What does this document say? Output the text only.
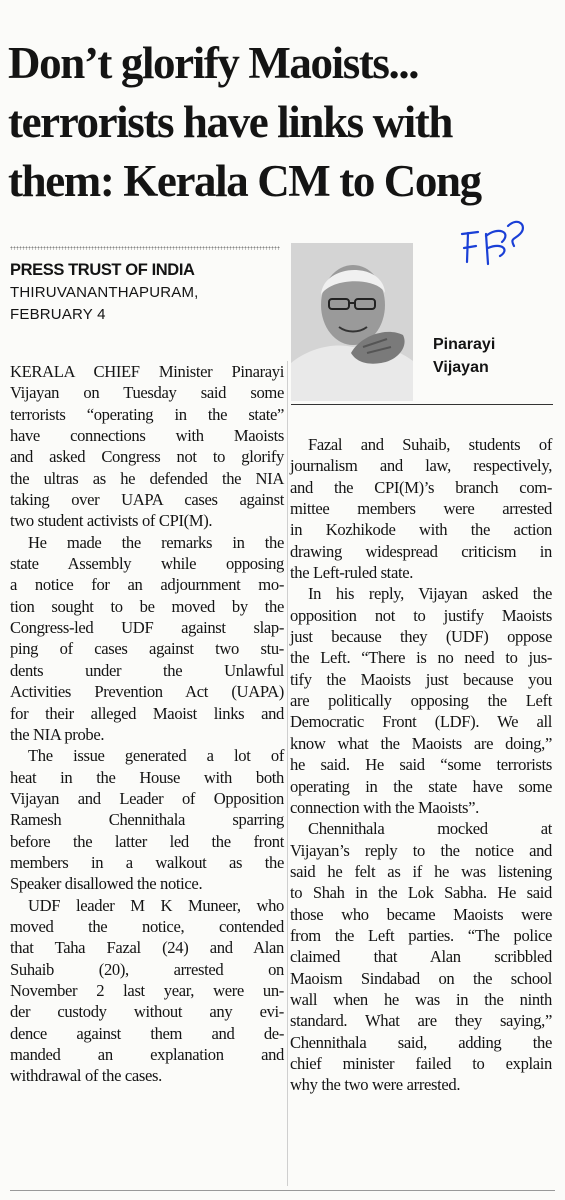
Don’t glorify Maoists...
terrorists have links with
them: Kerala CM to Cong
PRESS TRUST OF INDIA
THIRUVANANTHAPURAM,
FEBRUARY 4
Pinarayi
Vijayan
KERALA CHIEF Minister Pinarayi
Vijayan on Tuesday said some
terrorists “operating in the state”
have connections with Maoists
and asked Congress not to glorify
the ultras as he defended the NIA
taking over UAPA cases against
two student activists of CPI(M).
He made the remarks in the
state Assembly while opposing
a notice for an adjournment mo-
tion sought to be moved by the
Congress-led UDF against slap-
ping of cases against two stu-
dents under the Unlawful
Activities Prevention Act (UAPA)
for their alleged Maoist links and
the NIA probe.
The issue generated a lot of
heat in the House with both
Vijayan and Leader of Opposition
Ramesh Chennithala sparring
before the latter led the front
members in a walkout as the
Speaker disallowed the notice.
UDF leader M K Muneer, who
moved the notice, contended
that Taha Fazal (24) and Alan
Suhaib (20), arrested on
November 2 last year, were un-
der custody without any evi-
dence against them and de-
manded an explanation and
withdrawal of the cases.
Fazal and Suhaib, students of
journalism and law, respectively,
and the CPI(M)’s branch com-
mittee members were arrested
in Kozhikode with the action
drawing widespread criticism in
the Left-ruled state.
In his reply, Vijayan asked the
opposition not to justify Maoists
just because they (UDF) oppose
the Left. “There is no need to jus-
tify the Maoists just because you
are politically opposing the Left
Democratic Front (LDF). We all
know what the Maoists are doing,”
he said. He said “some terrorists
operating in the state have some
connection with the Maoists”.
Chennithala mocked at
Vijayan’s reply to the notice and
said he felt as if he was listening
to Shah in the Lok Sabha. He said
those who became Maoists were
from the Left parties. “The police
claimed that Alan scribbled
Maoism Sindabad on the school
wall when he was in the ninth
standard. What are they saying,”
Chennithala said, adding the
chief minister failed to explain
why the two were arrested.
